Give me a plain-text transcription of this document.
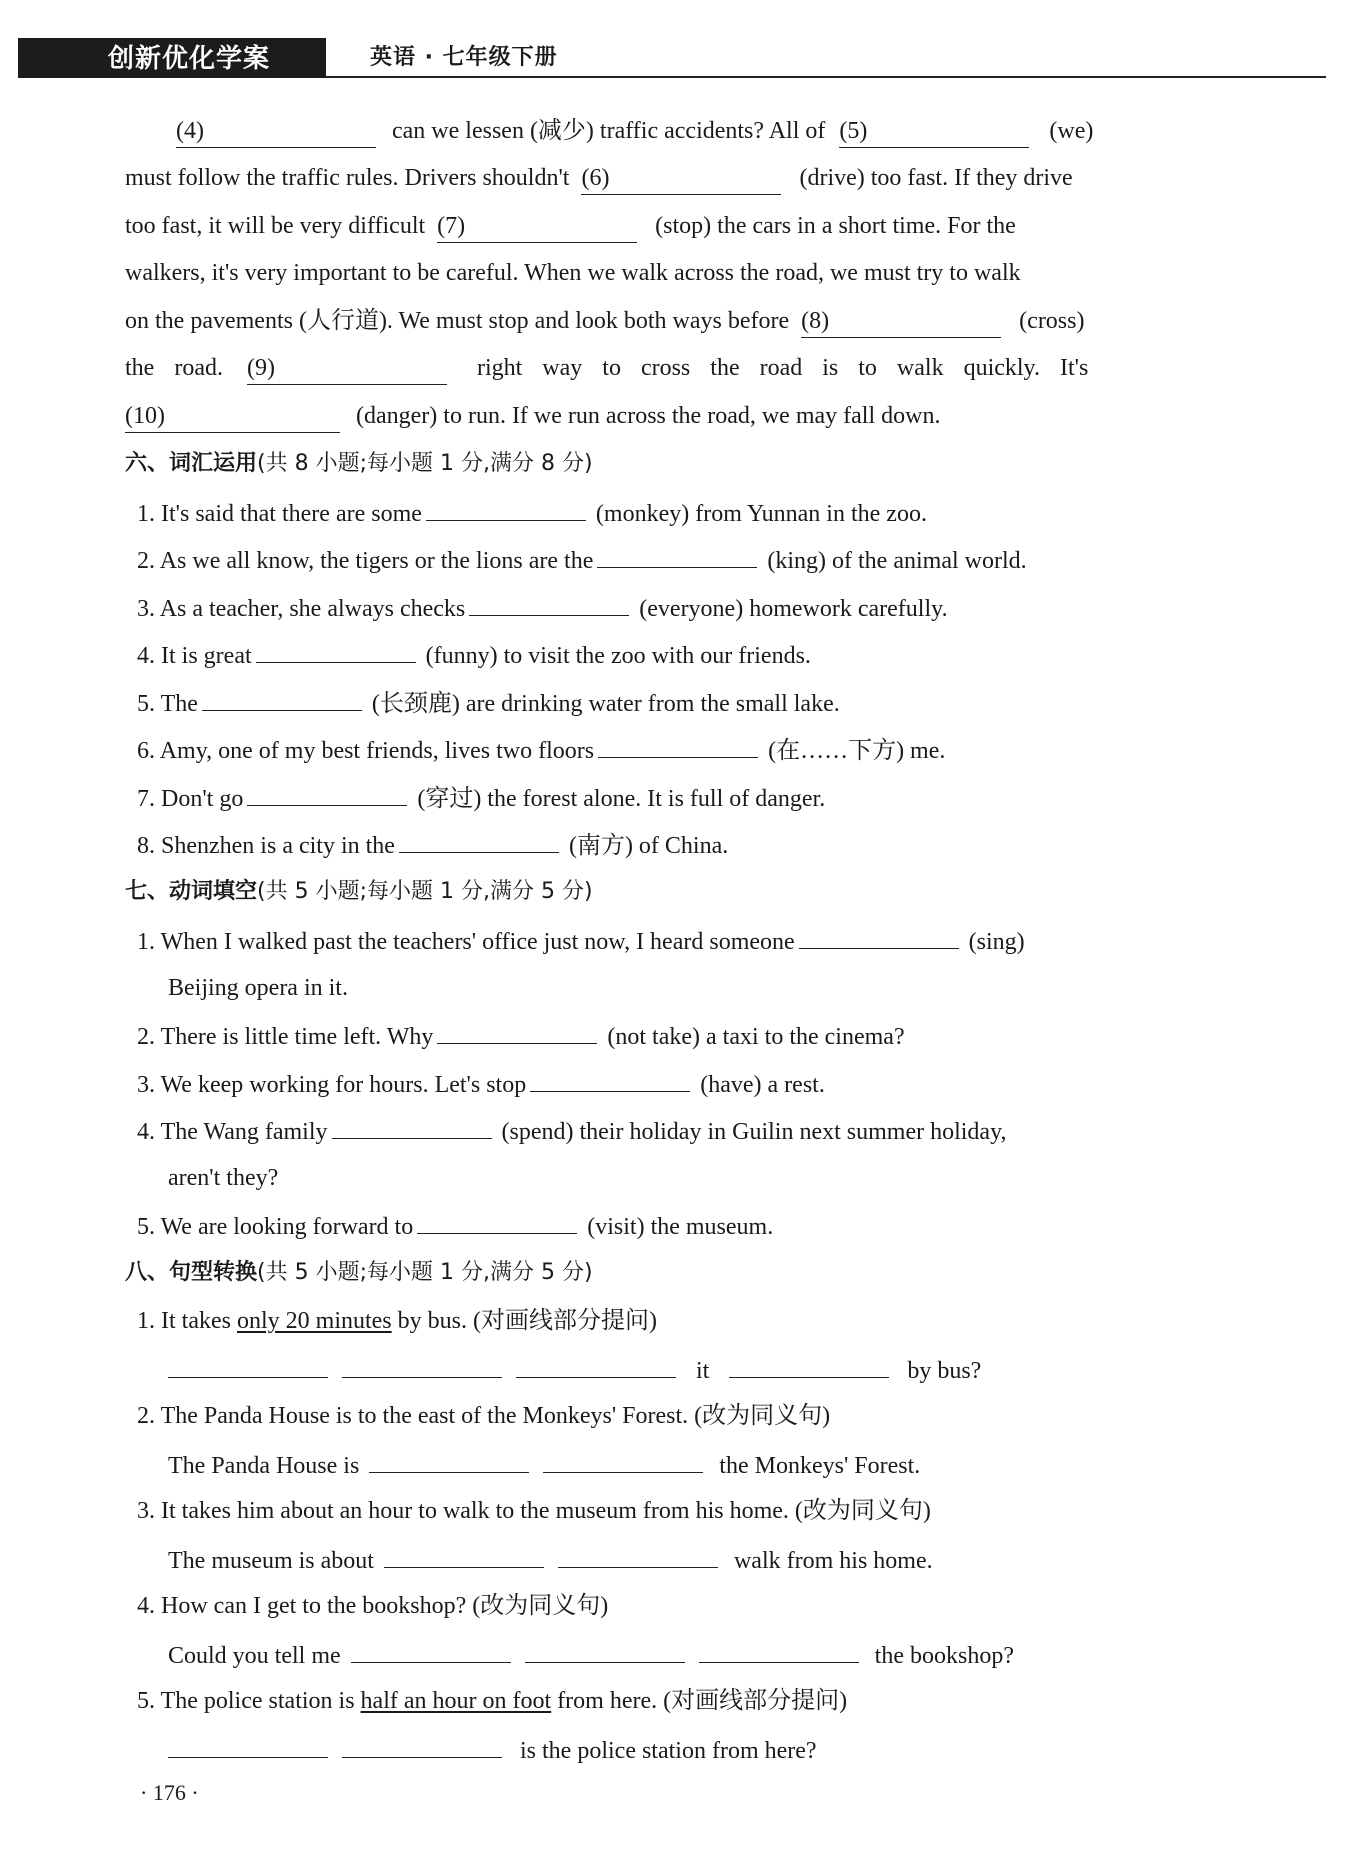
创新优化学案	英语 · 七年级下册
(4)	can we lessen (减少) traffic accidents? All of (5)	(we)
must follow the traffic rules. Drivers shouldn't (6)	(drive) too fast. If they drive
too fast, it will be very difficult (7)	(stop) the cars in a short time. For the
walkers, it's very important to be careful. When we walk across the road, we must try to walk
on the pavements (人行道). We must stop and look both ways before (8)	(cross)
the road. (9)	right way to cross the road is to walk quickly. It's
(10)	(danger) to run. If we run across the road, we may fall down.
六、词汇运用(共 8 小题;每小题 1 分,满分 8 分)
1. It's said that there are some	(monkey) from Yunnan in the zoo.
2. As we all know, the tigers or the lions are the	(king) of the animal world.
3. As a teacher, she always checks	(everyone) homework carefully.
4. It is great	(funny) to visit the zoo with our friends.
5. The	(长颈鹿) are drinking water from the small lake.
6. Amy, one of my best friends, lives two floors	(在……下方) me.
7. Don't go	(穿过) the forest alone. It is full of danger.
8. Shenzhen is a city in the	(南方) of China.
七、动词填空(共 5 小题;每小题 1 分,满分 5 分)
1. When I walked past the teachers' office just now, I heard someone	(sing)
Beijing opera in it.
2. There is little time left. Why	(not take) a taxi to the cinema?
3. We keep working for hours. Let's stop	(have) a rest.
4. The Wang family	(spend) their holiday in Guilin next summer holiday,
aren't they?
5. We are looking forward to	(visit) the museum.
八、句型转换(共 5 小题;每小题 1 分,满分 5 分)
1. It takes only 20 minutes by bus. (对画线部分提问)
it	by bus?
2. The Panda House is to the east of the Monkeys' Forest. (改为同义句)
The Panda House is	the Monkeys' Forest.
3. It takes him about an hour to walk to the museum from his home. (改为同义句)
The museum is about	walk from his home.
4. How can I get to the bookshop? (改为同义句)
Could you tell me	the bookshop?
5. The police station is half an hour on foot from here. (对画线部分提问)
is the police station from here?
· 176 ·
